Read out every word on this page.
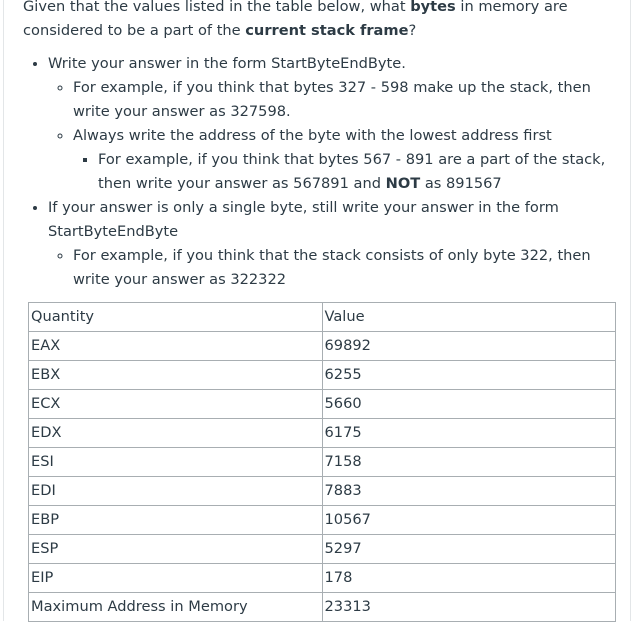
Given that the values listed in the table below, what bytes in memory are considered to be a part of the current stack frame?

• Write your answer in the form StartByteEndByte.
◦ For example, if you think that bytes 327 - 598 make up the stack, then write your answer as 327598.
◦ Always write the address of the byte with the lowest address first
▪ For example, if you think that bytes 567 - 891 are a part of the stack, then write your answer as 567891 and NOT as 891567
• If your answer is only a single byte, still write your answer in the form StartByteEndByte
◦ For example, if you think that the stack consists of only byte 322, then write your answer as 322322
Quantity	Value
EAX	69892
EBX	6255
ECX	5660
EDX	6175
ESI	7158
EDI	7883
EBP	10567
ESP	5297
EIP	178
Maximum Address in Memory	23313
